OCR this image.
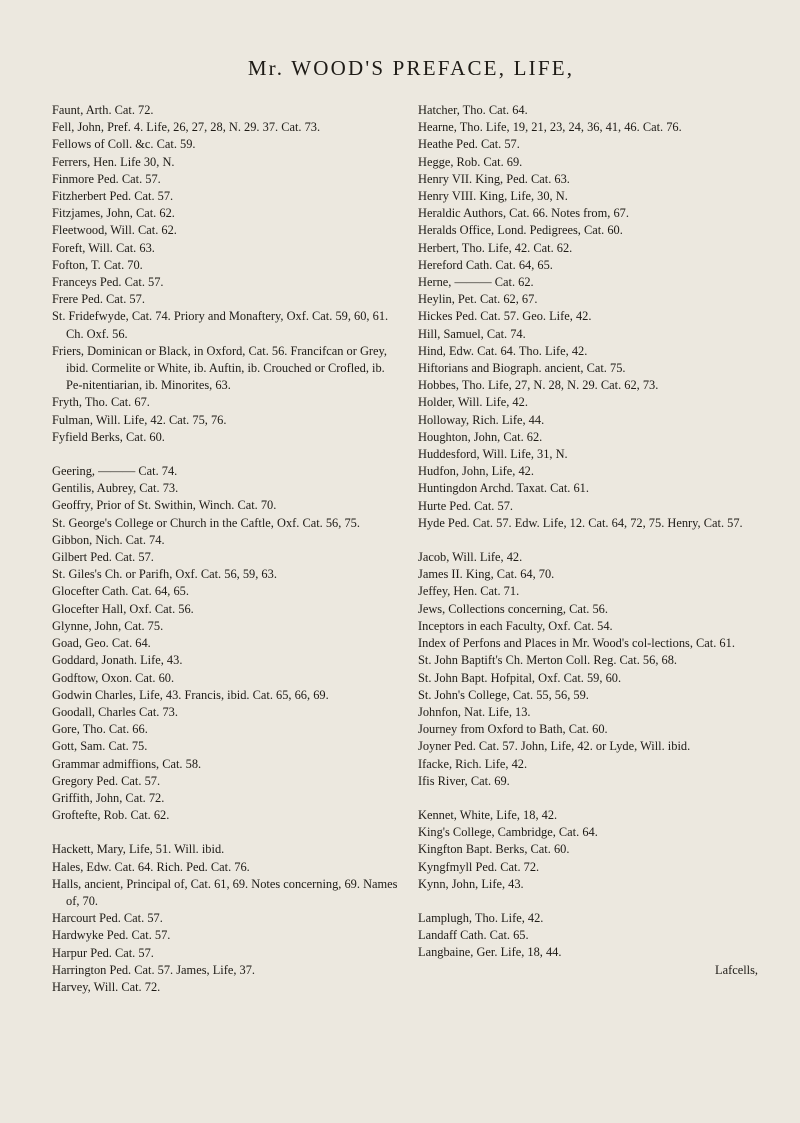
Mr. WOOD'S PREFACE, LIFE,
Faunt, Arth. Cat. 72.
Fell, John, Pref. 4. Life, 26, 27, 28, N. 29. 37. Cat. 73.
Fellows of Coll. &c. Cat. 59.
Ferrers, Hen. Life 30, N.
Finmore Ped. Cat. 57.
Fitzherbert Ped. Cat. 57.
Fitzjames, John, Cat. 62.
Fleetwood, Will. Cat. 62.
Foreft, Will. Cat. 63.
Fofton, T. Cat. 70.
Franceys Ped. Cat. 57.
Frere Ped. Cat. 57.
St. Fridefwyde, Cat. 74. Priory and Monaftery, Oxf. Cat. 59, 60, 61. Ch. Oxf. 56.
Friers, Dominican or Black, in Oxford, Cat. 56. Francifcan or Grey, ibid. Cormelite or White, ib. Auftin, ib. Crouched or Crofled, ib. Pe-nitentiarian, ib. Minorites, 63.
Fryth, Tho. Cat. 67.
Fulman, Will. Life, 42. Cat. 75, 76.
Fyfield Berks, Cat. 60.
Geering, ——— Cat. 74.
Gentilis, Aubrey, Cat. 73.
Geoffry, Prior of St. Swithin, Winch. Cat. 70.
St. George's College or Church in the Caftle, Oxf. Cat. 56, 75.
Gibbon, Nich. Cat. 74.
Gilbert Ped. Cat. 57.
St. Giles's Ch. or Parifh, Oxf. Cat. 56, 59, 63.
Glocefter Cath. Cat. 64, 65.
Glocefter Hall, Oxf. Cat. 56.
Glynne, John, Cat. 75.
Goad, Geo. Cat. 64.
Goddard, Jonath. Life, 43.
Godftow, Oxon. Cat. 60.
Godwin Charles, Life, 43. Francis, ibid. Cat. 65, 66, 69.
Goodall, Charles Cat. 73.
Gore, Tho. Cat. 66.
Gott, Sam. Cat. 75.
Grammar admiffions, Cat. 58.
Gregory Ped. Cat. 57.
Griffith, John, Cat. 72.
Groftefte, Rob. Cat. 62.
Hackett, Mary, Life, 51. Will. ibid.
Hales, Edw. Cat. 64. Rich. Ped. Cat. 76.
Halls, ancient, Principal of, Cat. 61, 69. Notes concerning, 69. Names of, 70.
Harcourt Ped. Cat. 57.
Hardwyke Ped. Cat. 57.
Harpur Ped. Cat. 57.
Harrington Ped. Cat. 57. James, Life, 37.
Harvey, Will. Cat. 72.
Hatcher, Tho. Cat. 64.
Hearne, Tho. Life, 19, 21, 23, 24, 36, 41, 46. Cat. 76.
Heathe Ped. Cat. 57.
Hegge, Rob. Cat. 69.
Henry VII. King, Ped. Cat. 63.
Henry VIII. King, Life, 30, N.
Heraldic Authors, Cat. 66. Notes from, 67.
Heralds Office, Lond. Pedigrees, Cat. 60.
Herbert, Tho. Life, 42. Cat. 62.
Hereford Cath. Cat. 64, 65.
Herne, ——— Cat. 62.
Heylin, Pet. Cat. 62, 67.
Hickes Ped. Cat. 57. Geo. Life, 42.
Hill, Samuel, Cat. 74.
Hind, Edw. Cat. 64. Tho. Life, 42.
Hiftorians and Biograph. ancient, Cat. 75.
Hobbes, Tho. Life, 27, N. 28, N. 29. Cat. 62, 73.
Holder, Will. Life, 42.
Holloway, Rich. Life, 44.
Houghton, John, Cat. 62.
Huddesford, Will. Life, 31, N.
Hudfon, John, Life, 42.
Huntingdon Archd. Taxat. Cat. 61.
Hurte Ped. Cat. 57.
Hyde Ped. Cat. 57. Edw. Life, 12. Cat. 64, 72, 75. Henry, Cat. 57.
Jacob, Will. Life, 42.
James II. King, Cat. 64, 70.
Jeffey, Hen. Cat. 71.
Jews, Collections concerning, Cat. 56.
Inceptors in each Faculty, Oxf. Cat. 54.
Index of Perfons and Places in Mr. Wood's col-lections, Cat. 61.
St. John Baptift's Ch. Merton Coll. Reg. Cat. 56, 68.
St. John Bapt. Hofpital, Oxf. Cat. 59, 60.
St. John's College, Cat. 55, 56, 59.
Johnfon, Nat. Life, 13.
Journey from Oxford to Bath, Cat. 60.
Joyner Ped. Cat. 57. John, Life, 42. or Lyde, Will. ibid.
Ifacke, Rich. Life, 42.
Ifis River, Cat. 69.
Kennet, White, Life, 18, 42.
King's College, Cambridge, Cat. 64.
Kingfton Bapt. Berks, Cat. 60.
Kyngfmyll Ped. Cat. 72.
Kynn, John, Life, 43.
Lamplugh, Tho. Life, 42.
Landaff Cath. Cat. 65.
Langbaine, Ger. Life, 18, 44.
Lafcells,
